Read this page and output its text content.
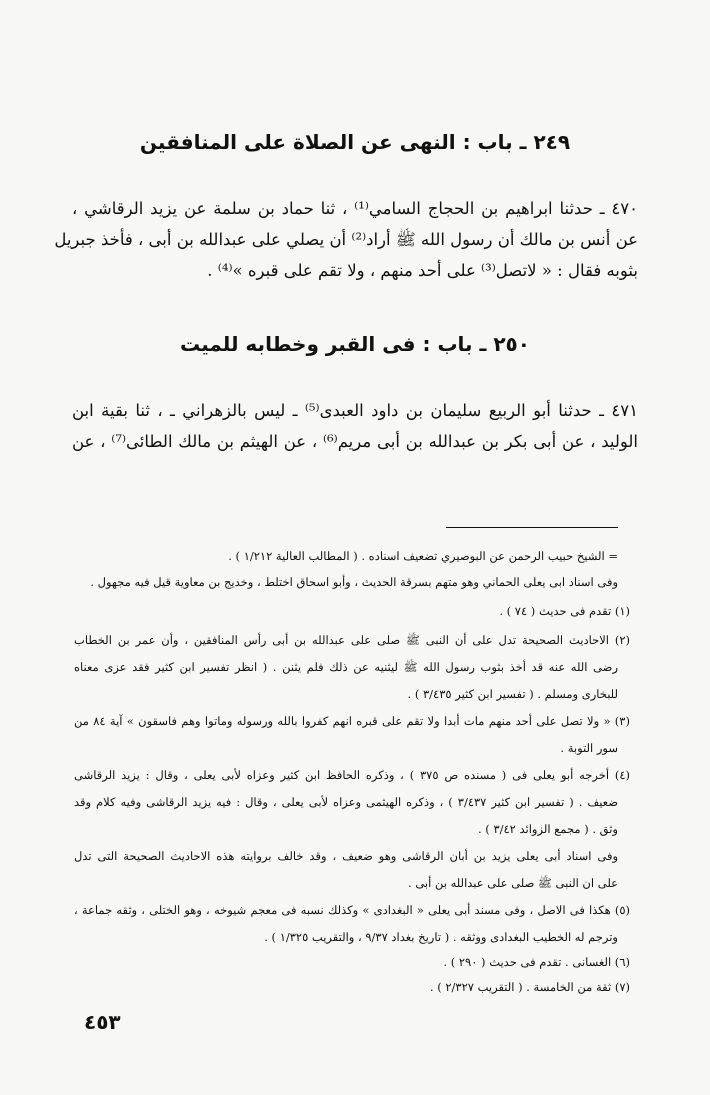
٢٤٩ ـ باب : النهى عن الصلاة على المنافقين
٤٧٠ ـ حدثنا ابراهيم بن الحجاج السامي⁽¹⁾ ، ثنا حماد بن سلمة عن يزيد الرقاشي ،
عن أنس بن مالك أن رسول الله ﷺ أراد⁽²⁾ أن يصلي على عبدالله بن أبى ، فأخذ جبريل
بثوبه فقال : « لاتصل⁽³⁾ على أحد منهم ، ولا تقم على قبره »⁽⁴⁾ .
٢٥٠ ـ باب : فى القبر وخطابه للميت
٤٧١ ـ حدثنا أبو الربيع سليمان بن داود العبدى⁽⁵⁾ ـ ليس بالزهراني ـ ، ثنا بقية ابن
الوليد ، عن أبى بكر بن عبدالله بن أبى مريم⁽⁶⁾ ، عن الهيثم بن مالك الطائى⁽⁷⁾ ، عن
= الشيخ حبيب الرحمن عن البوصيري تضعيف اسناده . ( المطالب العالية ١/٢١٢ ) .
وفى اسناد ابى يعلى الحماني وهو متهم بسرقة الحديث ، وأبو اسحاق اختلط ، وخديج بن معاوية قيل فيه مجهول .
(١) تقدم فى حديث ( ٧٤ ) .
(٢) الاحاديث الصحيحة تدل على أن النبى ﷺ صلى على عبدالله بن أبى رأس المنافقين ، وأن عمر بن الخطاب
رضى الله عنه قد أخذ بثوب رسول الله ﷺ ليثنيه عن ذلك فلم يثنن . ( انظر تفسير ابن كثير فقد عزى معناه
للبخارى ومسلم . ( تفسير ابن كثير ٣/٤٣٥ ) .
(٣) « ولا تصل على أحد منهم مات أبدا ولا تقم على قبره انهم كفروا بالله ورسوله وماتوا وهم فاسقون » آية ٨٤ من
سور التوبة .
(٤) أخرجه أبو يعلى فى ( مسنده ص ٣٧٥ ) ، وذكره الحافظ ابن كثير وعزاه لأبى يعلى ، وقال : يزيد الرقاشى
ضعيف . ( تفسير ابن كثير ٣/٤٣٧ ) ، وذكره الهيثمى وعزاه لأبى يعلى ، وقال : فيه يزيد الرقاشى وفيه كلام وقد
وثق . ( مجمع الزوائد ٣/٤٢ ) .
وفى اسناد أبى يعلى يزيد بن أبان الرقاشى وهو ضعيف ، وقد خالف بروايته هذه الاحاديث الصحيحة التى تدل
على ان النبى ﷺ صلى على عبدالله بن أبى .
(٥) هكذا فى الاصل ، وفى مسند أبى يعلى « البغدادى » وكذلك نسبه فى معجم شيوخه ، وهو الختلى ، وثقه جماعة ،
وترجم له الخطيب البغدادى ووثقه . ( تاريخ بغداد ٩/٣٧ ، والتقريب ١/٣٢٥ ) .
(٦) الغسانى . تقدم فى حديث ( ٢٩٠ ) .
(٧) ثقة من الخامسة . ( التقريب ٢/٣٢٧ ) .
٤٥٣
